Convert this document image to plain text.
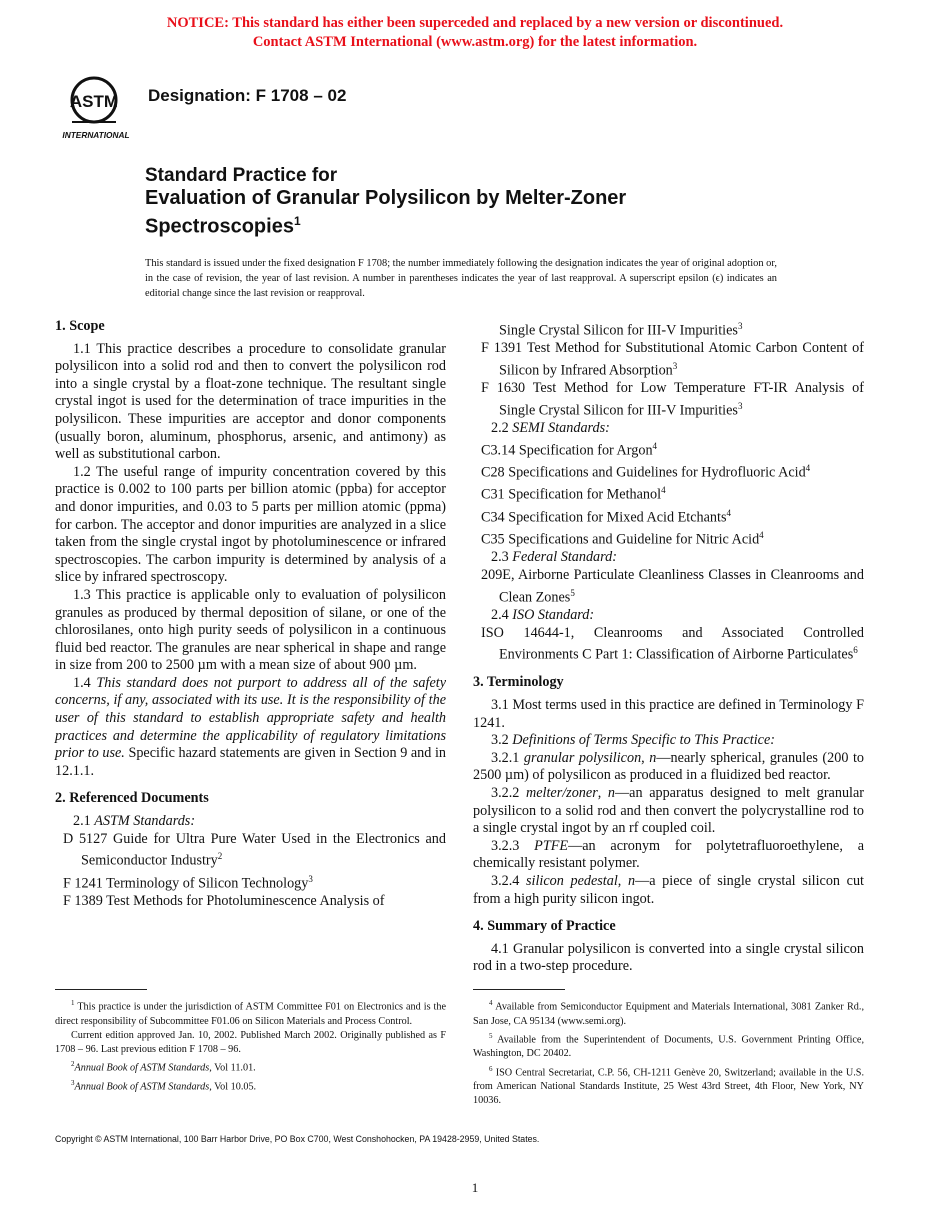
NOTICE: This standard has either been superceded and replaced by a new version or discontinued.
Contact ASTM International (www.astm.org) for the latest information.
ASTM
INTERNATIONAL
Designation: F 1708 – 02
Standard Practice for
Evaluation of Granular Polysilicon by Melter-Zoner
Spectroscopies$^1$
This standard is issued under the fixed designation F 1708; the number immediately following the designation indicates the year of original adoption or, in the case of revision, the year of last revision. A number in parentheses indicates the year of last reapproval. A superscript epsilon (ϵ) indicates an editorial change since the last revision or reapproval.
1. Scope

1.1 This practice describes a procedure to consolidate granular polysilicon into a solid rod and then to convert the polysilicon rod into a single crystal by a float-zone technique. The resultant single crystal ingot is used for the determination of trace impurities in the polysilicon. These impurities are acceptor and donor components (usually boron, aluminum, phosphorus, arsenic, and antimony) as well as substitutional carbon.

1.2 The useful range of impurity concentration covered by this practice is 0.002 to 100 parts per billion atomic (ppba) for acceptor and donor impurities, and 0.03 to 5 parts per million atomic (ppma) for carbon. The acceptor and donor impurities are analyzed in a slice taken from the single crystal ingot by photoluminescence or infrared spectroscopies. The carbon impurity is determined by analysis of a slice by infrared spectroscopy.

1.3 This practice is applicable only to evaluation of polysilicon granules as produced by thermal deposition of silane, or one of the chlorosilanes, onto high purity seeds of polysilicon in a continuous fluid bed reactor. The granules are near spherical in shape and range in size from 200 to 2500 µm with a mean size of about 900 µm.

1.4 This standard does not purport to address all of the safety concerns, if any, associated with its use. It is the responsibility of the user of this standard to establish appropriate safety and health practices and determine the applicability of regulatory limitations prior to use. Specific hazard statements are given in Section 9 and in 12.1.1.

2. Referenced Documents

2.1 ASTM Standards:

D 5127 Guide for Ultra Pure Water Used in the Electronics and Semiconductor Industry$^2$

F 1241 Terminology of Silicon Technology$^3$

F 1389 Test Methods for Photoluminescence Analysis of

Single Crystal Silicon for III-V Impurities$^3$

F 1391 Test Method for Substitutional Atomic Carbon Content of Silicon by Infrared Absorption$^3$

F 1630 Test Method for Low Temperature FT-IR Analysis of Single Crystal Silicon for III-V Impurities$^3$

2.2 SEMI Standards:

C3.14 Specification for Argon$^4$

C28 Specifications and Guidelines for Hydrofluoric Acid$^4$

C31 Specification for Methanol$^4$

C34 Specification for Mixed Acid Etchants$^4$

C35 Specifications and Guideline for Nitric Acid$^4$

2.3 Federal Standard:

209E, Airborne Particulate Cleanliness Classes in Cleanrooms and Clean Zones$^5$

2.4 ISO Standard:

ISO 14644-1, Cleanrooms and Associated Controlled Environments C Part 1: Classification of Airborne Particulates$^6$

3. Terminology

3.1 Most terms used in this practice are defined in Terminology F 1241.

3.2 Definitions of Terms Specific to This Practice:

3.2.1 granular polysilicon, n—nearly spherical, granules (200 to 2500 µm) of polysilicon as produced in a fluidized bed reactor.

3.2.2 melter/zoner, n—an apparatus designed to melt granular polysilicon to a solid rod and then convert the polycrystalline rod to a single crystal ingot by an rf coupled coil.

3.2.3 PTFE—an acronym for polytetrafluoroethylene, a chemically resistant polymer.

3.2.4 silicon pedestal, n—a piece of single crystal silicon cut from a high purity silicon ingot.

4. Summary of Practice

4.1 Granular polysilicon is converted into a single crystal silicon rod in a two-step procedure.

$^1$ This practice is under the jurisdiction of ASTM Committee F01 on Electronics and is the direct responsibility of Subcommittee F01.06 on Silicon Materials and Process Control.

Current edition approved Jan. 10, 2002. Published March 2002. Originally published as F 1708 – 96. Last previous edition F 1708 – 96.

$^2$Annual Book of ASTM Standards, Vol 11.01.

$^3$Annual Book of ASTM Standards, Vol 10.05.

$^4$ Available from Semiconductor Equipment and Materials International, 3081 Zanker Rd., San Jose, CA 95134 (www.semi.org).

$^5$ Available from the Superintendent of Documents, U.S. Government Printing Office, Washington, DC 20402.

$^6$ ISO Central Secretariat, C.P. 56, CH-1211 Genève 20, Switzerland; available in the U.S. from American National Standards Institute, 25 West 43rd Street, 4th Floor, New York, NY 10036.

Copyright © ASTM International, 100 Barr Harbor Drive, PO Box C700, West Conshohocken, PA 19428-2959, United States.
1
